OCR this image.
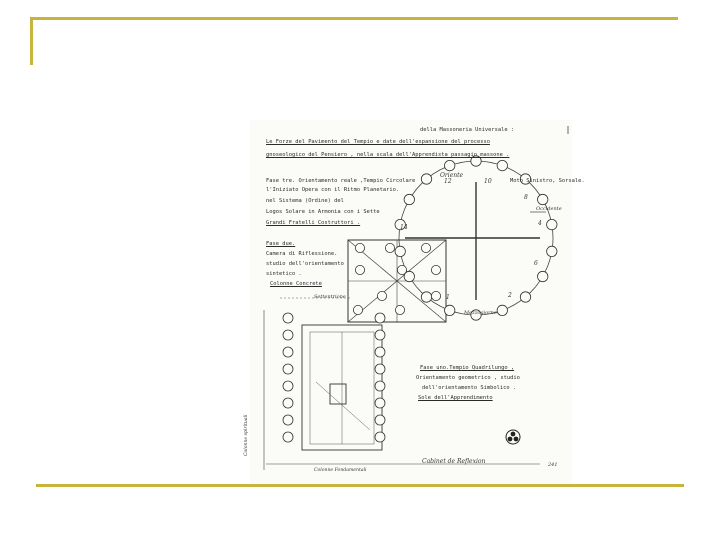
della Massoneria Universale :
Le Forze del Pavimento del Tempio e date dell'espansione del processo
gnoseologico del Pensiero , nella scala dell'Apprendista passagio massone .
Fase tre. Orientamento reale ,Tempio Circolare
l'Iniziato Opera con il Ritmo Planetario.
nel Sistema (Ordine) del
Logos Solare in Armonia con i Sette
Grandi Fratelli Costruttori .
Moto Sinistro, Sorsale.
Fase due.
Camera di Riflessione.
studio dell'orientamento
sintetico .
Colonne Concrete
Fase uno.Tempio Quadrilungo ,
Orientamento geometrico , studio
dell'orientamento Simbolico .
Sole dell'Apprendimento
Oriente
Occidente
Mezzogiorno
Settentrione
Colonne spirituali
Colonne Fondamentali
Cabinet de Reflexion	241
10
8
4
6
12
2
1
14
